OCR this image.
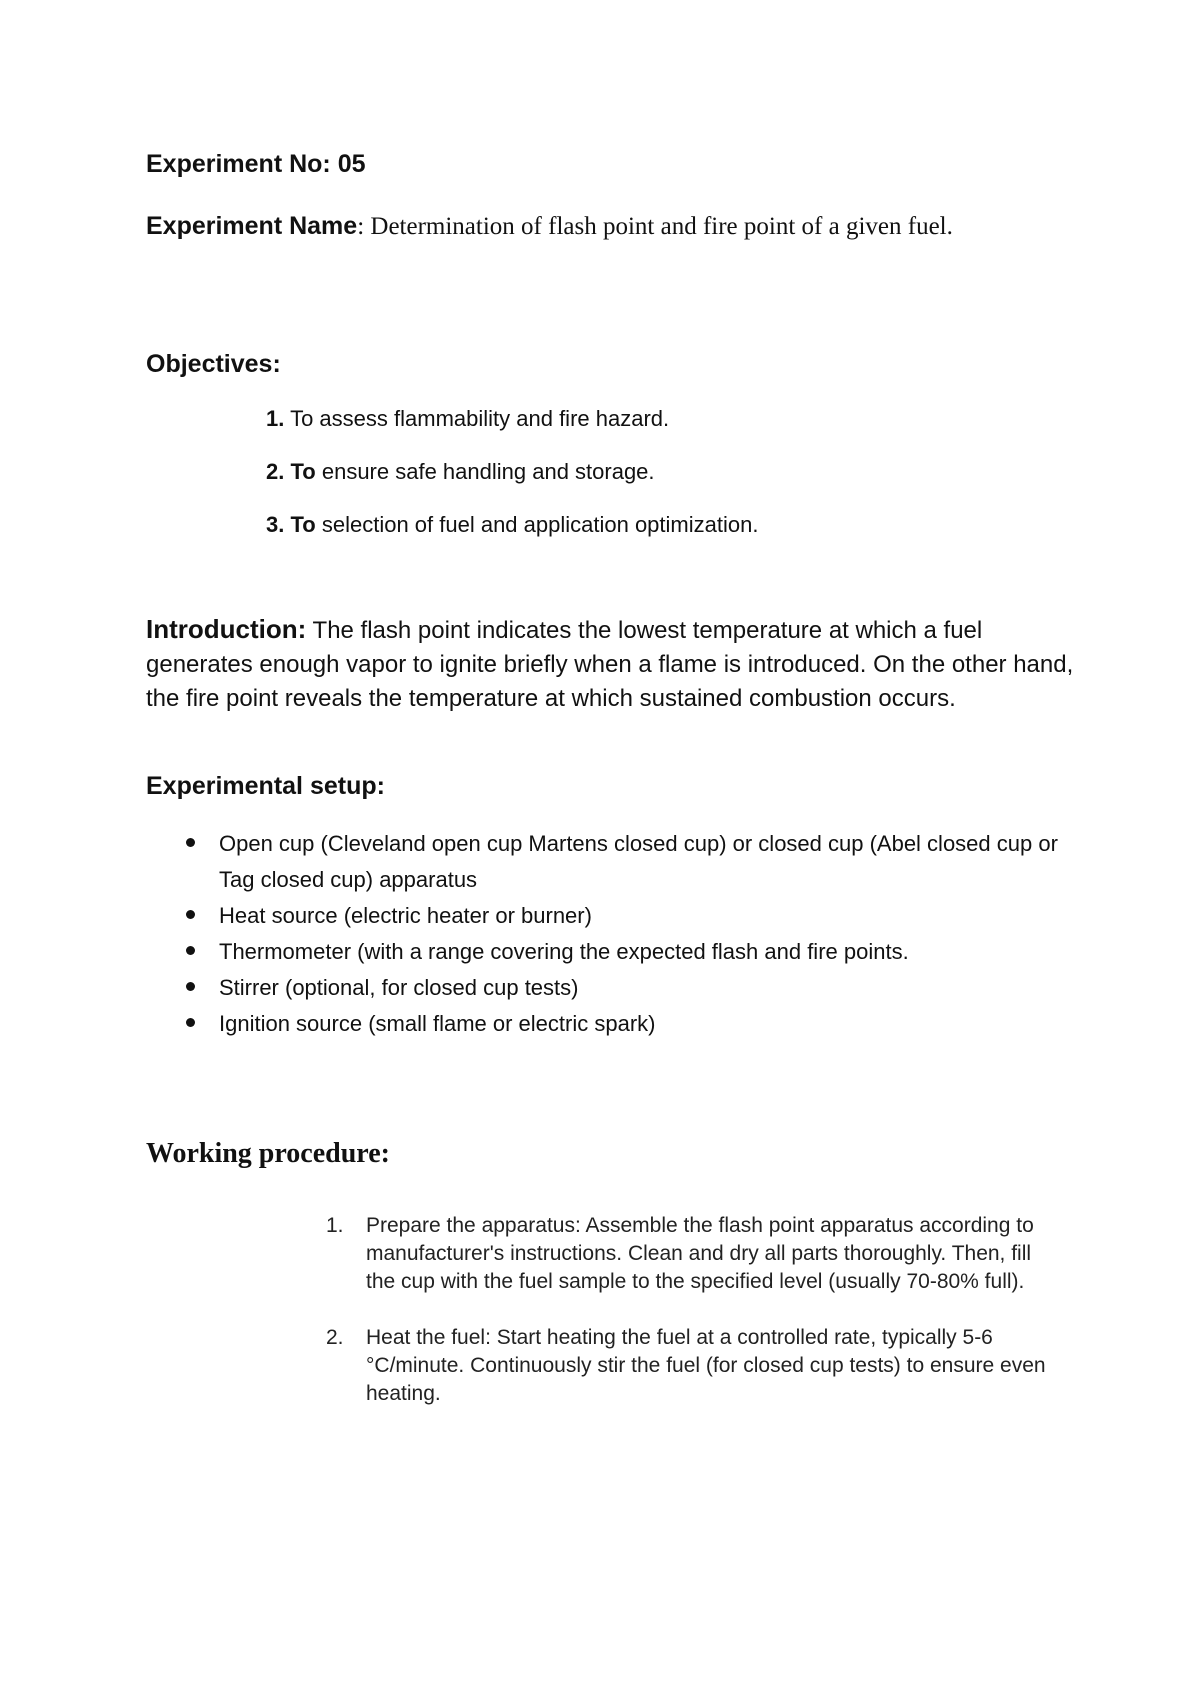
Experiment No: 05
Experiment Name: Determination of flash point and fire point of a given fuel.
Objectives:
1. To assess flammability and fire hazard.
2. To ensure safe handling and storage.
3. To selection of fuel and application optimization.
Introduction: The flash point indicates the lowest temperature at which a fuel generates enough vapor to ignite briefly when a flame is introduced. On the other hand, the fire point reveals the temperature at which sustained combustion occurs.
Experimental setup:
Open cup (Cleveland open cup Martens closed cup) or closed cup (Abel closed cup or Tag closed cup) apparatus
Heat source (electric heater or burner)
Thermometer (with a range covering the expected flash and fire points.
Stirrer (optional, for closed cup tests)
Ignition source (small flame or electric spark)
Working procedure:
1. Prepare the apparatus: Assemble the flash point apparatus according to manufacturer's instructions. Clean and dry all parts thoroughly. Then, fill the cup with the fuel sample to the specified level (usually 70-80% full).
2. Heat the fuel: Start heating the fuel at a controlled rate, typically 5-6 °C/minute. Continuously stir the fuel (for closed cup tests) to ensure even heating.
